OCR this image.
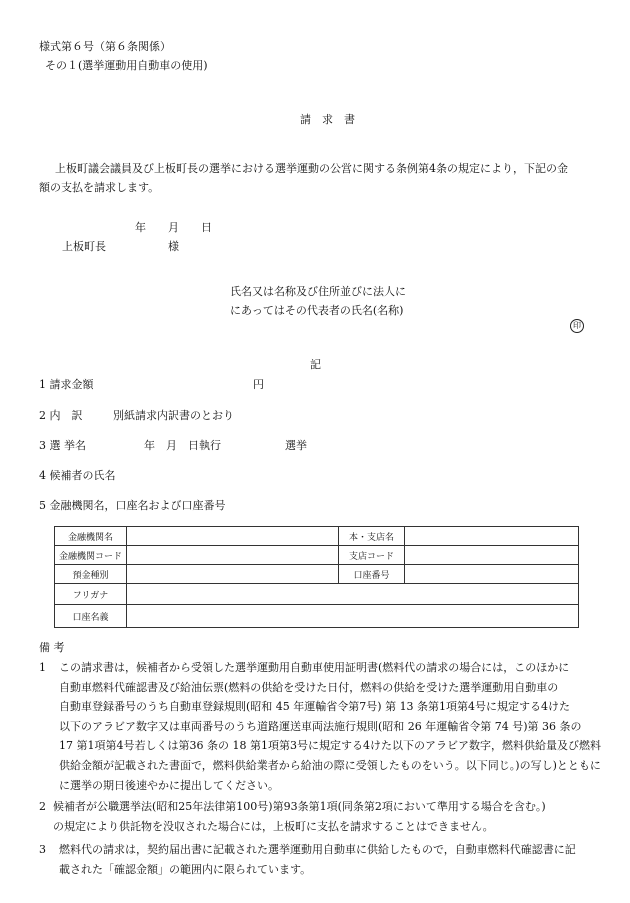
様式第６号（第６条関係）
その１(選挙運動用自動車の使用)
請　求　書
上板町議会議員及び上板町長の選挙における選挙運動の公営に関する条例第4条の規定により，下記の金
額の支払を請求します。
年　　月　　日
上板町長	様
氏名又は名称及び住所並びに法人に
にあってはその代表者の氏名(名称)
印
記
1 請求金額	円
2 内　訳	別紙請求内訳書のとおり
3 選 挙名	年　月　日執行	選挙
4 候補者の氏名
5 金融機関名，口座名および口座番号
金融機関名		本・支店名	
金融機関コード		支店コード	
預金種別		口座番号	
フリガナ			
口座名義			
備 考
1 この請求書は，候補者から受領した選挙運動用自動車使用証明書(燃料代の請求の場合には，このほかに
自動車燃料代確認書及び給油伝票(燃料の供給を受けた日付，燃料の供給を受けた選挙運動用自動車の
自動車登録番号のうち自動車登録規則(昭和 45 年運輸省令第7号) 第 13 条第1項第4号に規定する4けた
以下のアラビア数字又は車両番号のうち道路運送車両法施行規則(昭和 26 年運輸省令第 74 号)第 36 条の
17 第1項第4号若しくは第36 条の 18 第1項第3号に規定する4けた以下のアラビア数字，燃料供給量及び燃料
供給金額が記載された書面で，燃料供給業者から給油の際に受領したものをいう。以下同じ。)の写し)とともに
に選挙の期日後速やかに提出してください。
2 候補者が公職選挙法(昭和25年法律第100号)第93条第1項(同条第2項において準用する場合を含む。)
の規定により供託物を没収された場合には，上板町に支払を請求することはできません。
3 燃料代の請求は，契約届出書に記載された選挙運動用自動車に供給したもので，自動車燃料代確認書に記
載された「確認金額」の範囲内に限られています。
